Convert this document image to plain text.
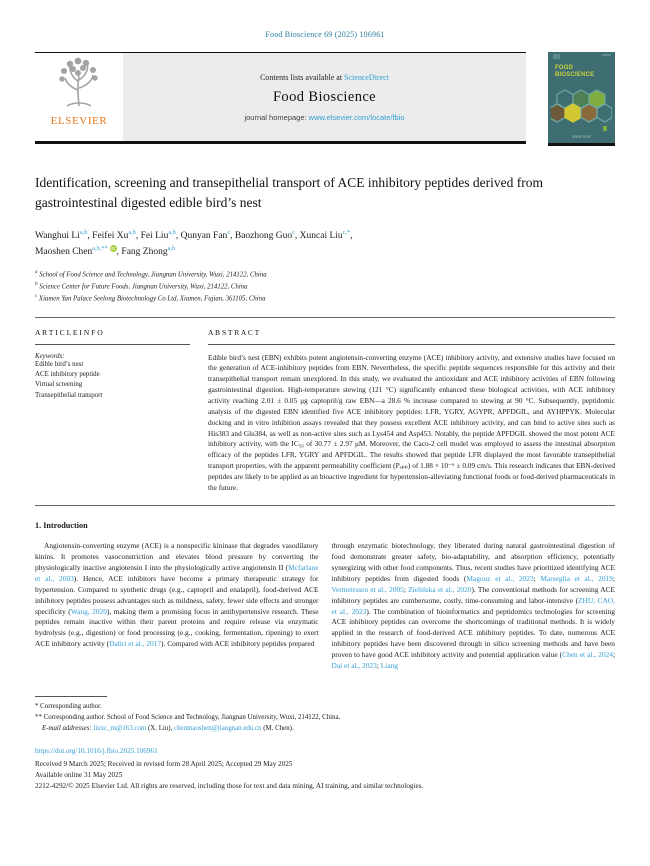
Food Bioscience 69 (2025) 106961
ELSEVIER
Contents lists available at ScienceDirect
Food Bioscience
journal homepage: www.elsevier.com/locate/fbio
FOOD
BIOSCIENCE
journal cover
Identification, screening and transepithelial transport of ACE inhibitory peptides derived from gastrointestinal digested edible bird’s nest
Wanghui Li$^{a,b}$, Feifei Xu$^{a,b}$, Fei Liu$^{a,b}$, Qunyan Fan$^c$, Baozhong Guo$^c$, Xuncai Liu$^{c,*}$,
Maoshen Chen$^{a,b,**}$ iD, Fang Zhong$^{a,b}$
$^a$ School of Food Science and Technology, Jiangnan University, Wuxi, 214122, China
$^b$ Science Center for Future Foods, Jiangnan University, Wuxi, 214122, China
$^c$ Xiamen Yan Palace Seelong Biotechnology Co Ltd, Xiamen, Fujian, 361105, China
A R T I C L E I N F O
Keywords:
Edible bird’s nest
ACE inhibitory peptide
Virtual screening
Transepithelial transport
A B S T R A C T
Edible bird’s nest (EBN) exhibits potent angiotensin-converting enzyme (ACE) inhibitory activity, and extensive studies have focused on the generation of ACE-inhibitory peptides from EBN. Nevertheless, the specific peptide sequences responsible for this activity and their transepithelial transport remain unexplored. In this study, we evaluated the antioxidant and ACE inhibitory activities of EBN following gastrointestinal digestion. High-temperature stewing (121 °C) significantly enhanced these biological activities, with ACE inhibitory activity reaching 2.01 ± 0.05 μg captopril/g raw EBN—a 28.6 % increase compared to stewing at 90 °C. Subsequently, peptidomic analysis of the digested EBN identified five ACE inhibitory peptides: LFR, YGRY, AGYPR, APFDGIL, and AYHPPYK. Molecular docking and in vitro inhibition assays revealed that they possess excellent ACE inhibitory activity, and can bind to active sites such as His383 and Glu384, as well as non-active sites such as Lys454 and Asp453. Notably, the peptide APFDGIL showed the most potent ACE inhibitory activity, with the IC₅₀ of 30.77 ± 2.97 μM. Moreover, the Caco-2 cell model was employed to assess the intestinal absorption efficacy of the peptides LFR, YGRY and APFDGIL. The results showed that peptide LFR displayed the most favorable transepithelial transport properties, with the apparent permeability coefficient (Pₐₚₚ) of 1.88 × 10⁻⁶ ± 0.09 cm/s. This research indicates that EBN-derived peptides are likely to be applied as an bioactive ingredient for hypertension-alleviating functional foods or food-derived pharmaceuticals in the future.
1. Introduction

Angiotensin-converting enzyme (ACE) is a nonspecific kininase that degrades vasodilatory kinins. It promotes vasoconstriction and elevates blood pressure by converting the physiologically inactive angiotensin I into the physiologically active angiotensin II (Mcfarlane et al., 2003). Hence, ACE inhibitors have become a primary therapeutic strategy for hypertension. Compared to synthetic drugs (e.g., captopril and enalapril), food-derived ACE inhibitory peptides possess advantages such as mildness, safety, fewer side effects and stronger specificity (Wang, 2020), making them a promising focus in antihypertensive research. These peptides remain inactive within their parent proteins and require release via enzymatic hydrolysis (e.g., digestion) or food processing (e.g., cooking, fermentation, ripening) to exert ACE inhibitory activity (Daliri et al., 2017). Compared with ACE inhibitory peptides prepared

through enzymatic biotechnology, they liberated during natural gastrointestinal digestion of food demonstrate greater safety, bio-adaptability, and absorption efficiency, potentially synergizing with other food components. Thus, recent studies have prioritized identifying ACE inhibitory peptides from digested foods (Magouz et al., 2023; Marseglia et al., 2019; Vermeirssen et al., 2005; Zielińska et al., 2020). The conventional methods for screening ACE inhibitory peptides are cumbersome, costly, time-consuming and labor-intensive (ZHU, CAO, et al., 2023). The combination of bioinformatics and peptidomics technologies for screening ACE inhibitory peptides can overcome the shortcomings of traditional methods. It is widely applied in the research of food-derived ACE inhibitory peptides. To date, numerous ACE inhibitory peptides have been discovered through in silico screening methods and have been proven to have good ACE inhibitory activity and potential application value (Chen et al., 2024; Dai et al., 2023; Liang

* Corresponding author.
** Corresponding author. School of Food Science and Technology, Jiangnan University, Wuxi, 214122, China.
E-mail addresses: liuxc_m@163.com (X. Liu), chenmaoshen@jiangnan.edu.cn (M. Chen).
https://doi.org/10.1016/j.fbio.2025.106961
Received 9 March 2025; Received in revised form 28 April 2025; Accepted 29 May 2025
Available online 31 May 2025
2212-4292/© 2025 Elsevier Ltd. All rights are reserved, including those for text and data mining, AI training, and similar technologies.
